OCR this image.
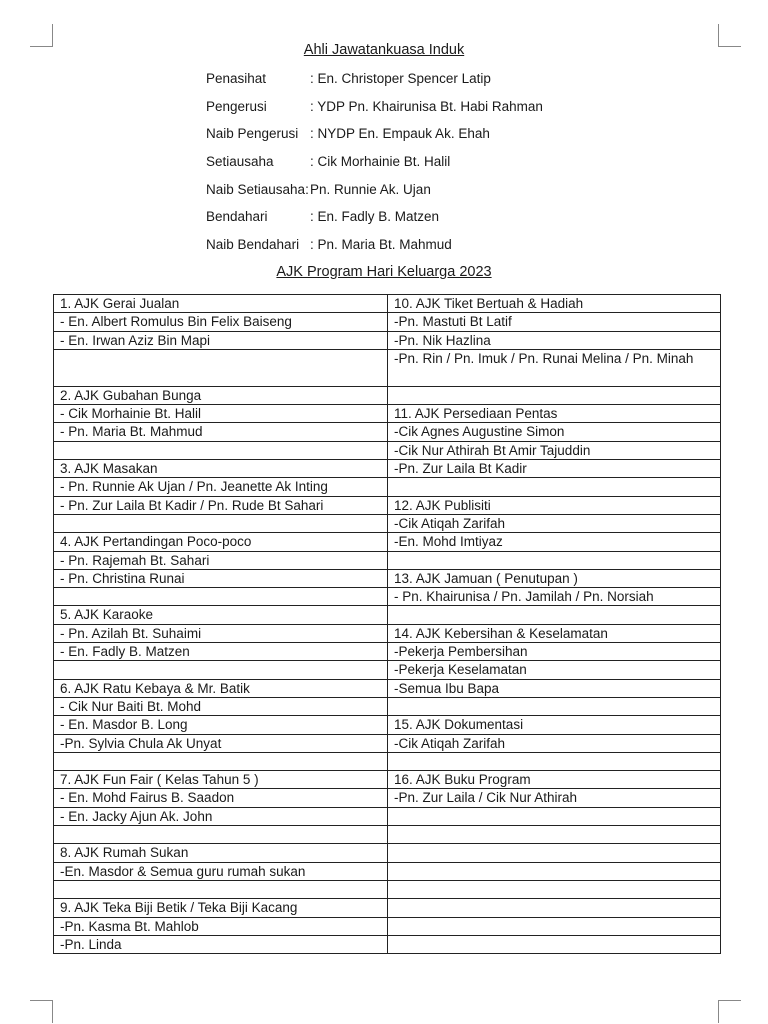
Ahli Jawatankuasa Induk
Penasihat	: En. Christoper Spencer Latip
Pengerusi	: YDP Pn. Khairunisa Bt. Habi Rahman
Naib Pengerusi : NYDP En. Empauk Ak. Ehah
Setiausaha	: Cik Morhainie Bt. Halil
Naib Setiausaha:Pn. Runnie Ak. Ujan
Bendahari	: En. Fadly B. Matzen
Naib Bendahari : Pn. Maria Bt. Mahmud
AJK Program Hari Keluarga 2023
1. AJK Gerai Jualan	10. AJK Tiket Bertuah & Hadiah
- En. Albert Romulus Bin Felix Baiseng	-Pn. Mastuti Bt Latif
- En. Irwan Aziz Bin Mapi	-Pn. Nik Hazlina
	-Pn. Rin / Pn. Imuk / Pn. Runai Melina / Pn. Minah
2. AJK Gubahan Bunga	
- Cik Morhainie Bt. Halil	11. AJK Persediaan Pentas
- Pn. Maria Bt. Mahmud	-Cik Agnes Augustine Simon
	-Cik Nur Athirah Bt Amir Tajuddin
3. AJK Masakan	-Pn. Zur Laila Bt Kadir
- Pn. Runnie Ak Ujan / Pn. Jeanette Ak Inting	
- Pn. Zur Laila Bt Kadir / Pn. Rude Bt Sahari	12. AJK Publisiti
	-Cik Atiqah Zarifah
4. AJK Pertandingan Poco-poco	-En. Mohd Imtiyaz
- Pn. Rajemah Bt. Sahari	
- Pn. Christina Runai	13. AJK Jamuan ( Penutupan )
	- Pn. Khairunisa / Pn. Jamilah / Pn. Norsiah
5. AJK Karaoke	
- Pn. Azilah Bt. Suhaimi	14. AJK Kebersihan & Keselamatan
- En. Fadly B. Matzen	-Pekerja Pembersihan
	-Pekerja Keselamatan
6. AJK Ratu Kebaya & Mr. Batik	-Semua Ibu Bapa
- Cik Nur Baiti Bt. Mohd	
- En. Masdor B. Long	15. AJK Dokumentasi
-Pn. Sylvia Chula Ak Unyat	-Cik Atiqah Zarifah

7. AJK Fun Fair ( Kelas Tahun 5 )	16. AJK Buku Program
- En. Mohd Fairus B. Saadon	-Pn. Zur Laila / Cik Nur Athirah
- En. Jacky Ajun Ak. John	

8. AJK Rumah Sukan	
-En. Masdor & Semua guru rumah sukan	

9. AJK Teka Biji Betik / Teka Biji Kacang	
-Pn. Kasma Bt. Mahlob	
-Pn. Linda	
